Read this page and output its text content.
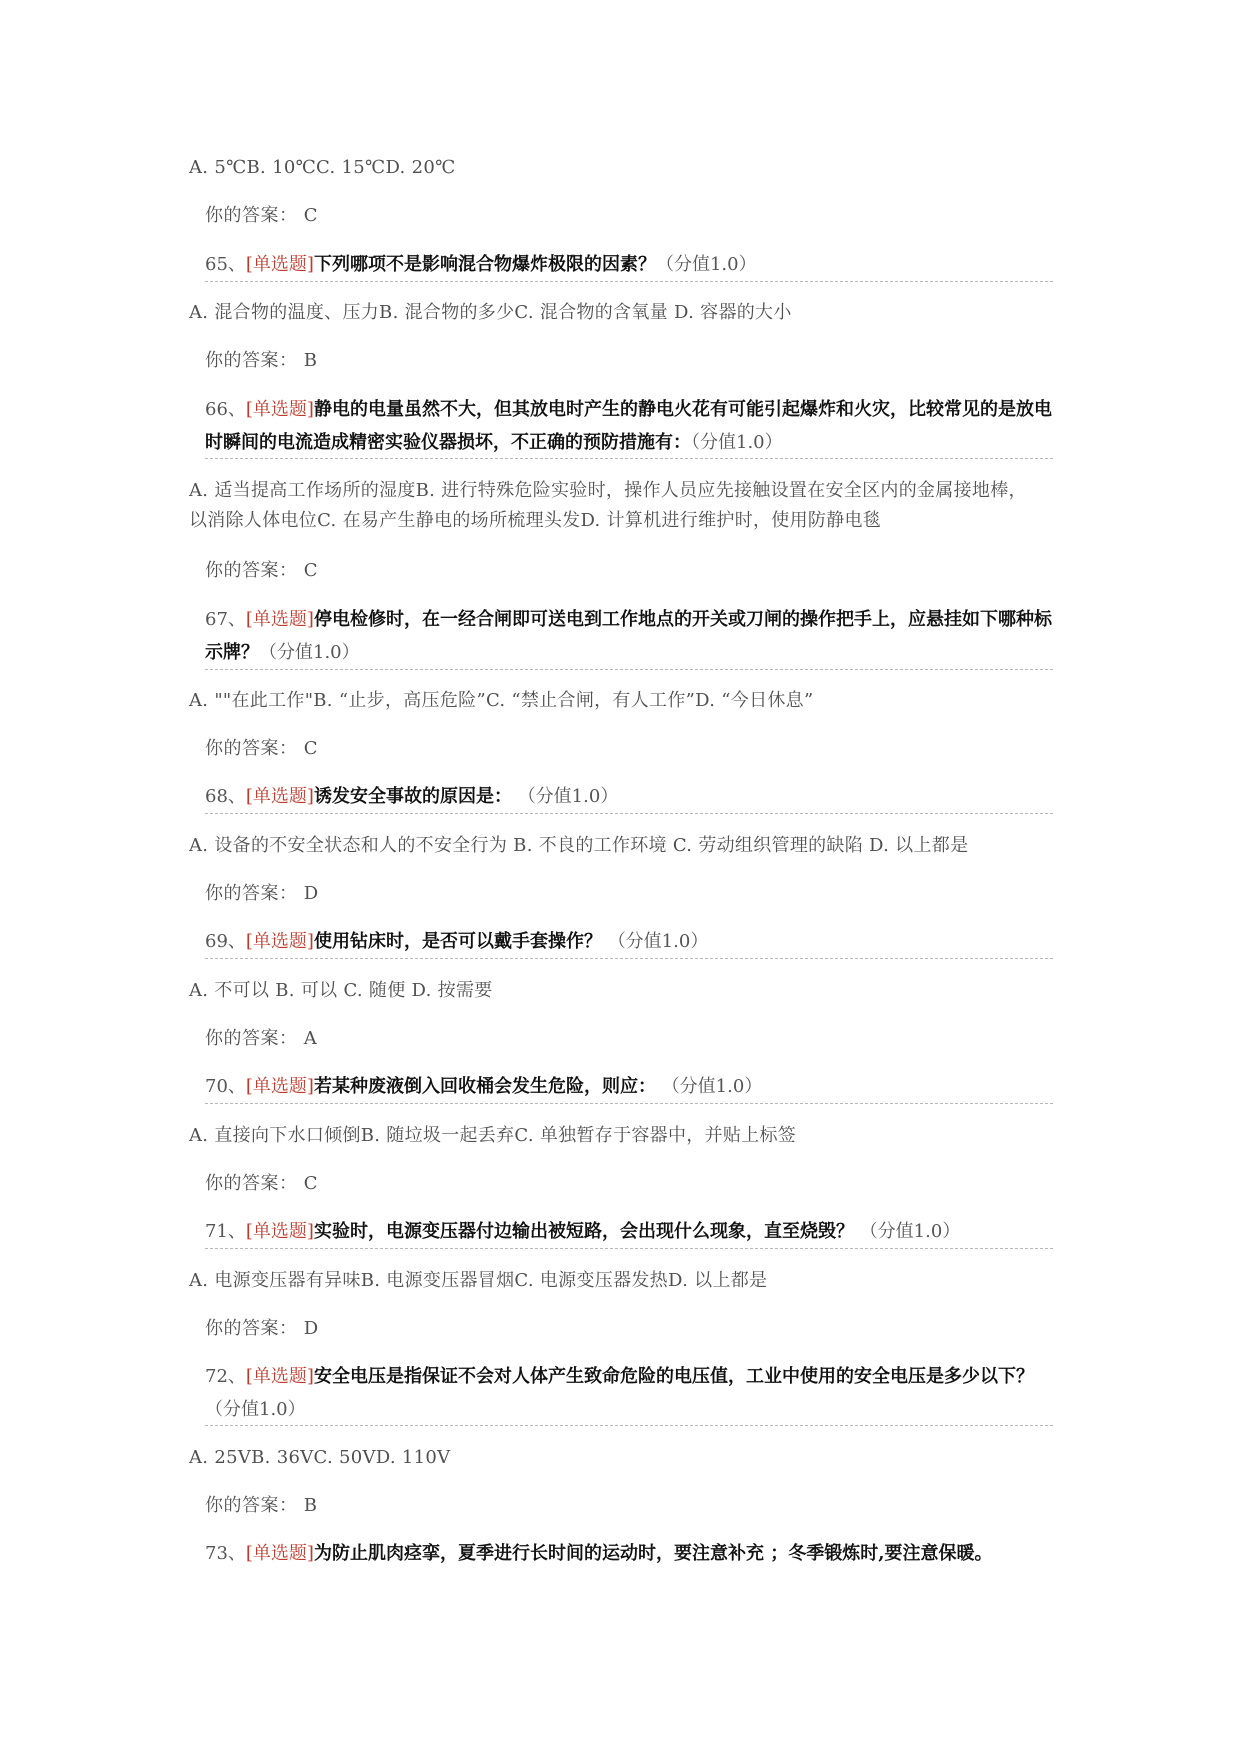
A. 5℃B. 10℃C. 15℃D. 20℃
你的答案： C
65、[单选题]下列哪项不是影响混合物爆炸极限的因素？（分值1.0）
A. 混合物的温度、压力B. 混合物的多少C. 混合物的含氧量 D. 容器的大小
你的答案： B
66、[单选题]静电的电量虽然不大，但其放电时产生的静电火花有可能引起爆炸和火灾，比较常见的是放电时瞬间的电流造成精密实验仪器损坏，不正确的预防措施有：（分值1.0）
A. 适当提高工作场所的湿度B. 进行特殊危险实验时，操作人员应先接触设置在安全区内的金属接地棒，
以消除人体电位C. 在易产生静电的场所梳理头发D. 计算机进行维护时，使用防静电毯
你的答案： C
67、[单选题]停电检修时，在一经合闸即可送电到工作地点的开关或刀闸的操作把手上，应悬挂如下哪种标示牌？（分值1.0）
A. ""在此工作"B. “止步，高压危险”C. “禁止合闸，有人工作”D. “今日休息”
你的答案： C
68、[单选题]诱发安全事故的原因是： （分值1.0）
A. 设备的不安全状态和人的不安全行为 B. 不良的工作环境 C. 劳动组织管理的缺陷 D. 以上都是
你的答案： D
69、[单选题]使用钻床时，是否可以戴手套操作？ （分值1.0）
A. 不可以 B. 可以 C. 随便 D. 按需要
你的答案： A
70、[单选题]若某种废液倒入回收桶会发生危险，则应： （分值1.0）
A. 直接向下水口倾倒B. 随垃圾一起丢弃C. 单独暂存于容器中，并贴上标签
你的答案： C
71、[单选题]实验时，电源变压器付边输出被短路，会出现什么现象，直至烧毁？ （分值1.0）
A. 电源变压器有异味B. 电源变压器冒烟C. 电源变压器发热D. 以上都是
你的答案： D
72、[单选题]安全电压是指保证不会对人体产生致命危险的电压值，工业中使用的安全电压是多少以下？ （分值1.0）
A. 25VB. 36VC. 50VD. 110V
你的答案： B
73、[单选题]为防止肌肉痉挛，夏季进行长时间的运动时，要注意补充 ；冬季锻炼时,要注意保暖。
